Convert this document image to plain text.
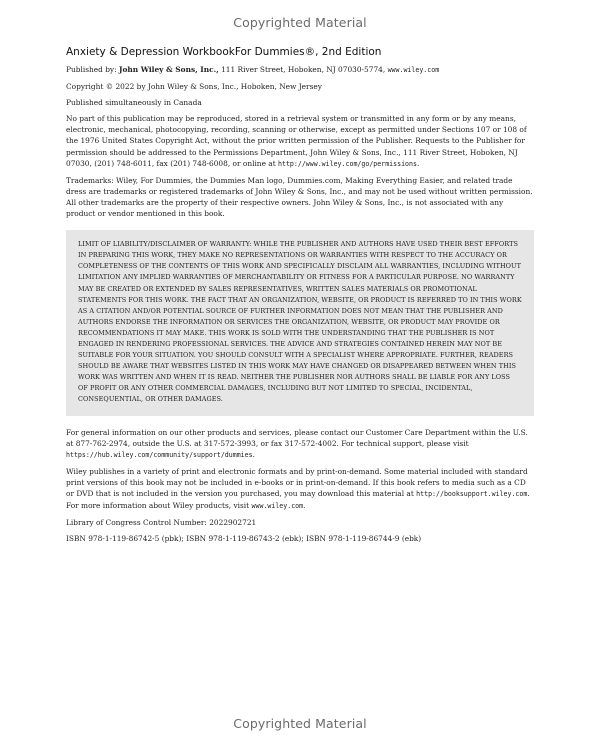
Copyrighted Material
Anxiety & Depression WorkbookFor Dummies®, 2nd Edition

Published by: John Wiley & Sons, Inc., 111 River Street, Hoboken, NJ 07030-5774, www.wiley.com

Copyright © 2022 by John Wiley & Sons, Inc., Hoboken, New Jersey

Published simultaneously in Canada

No part of this publication may be reproduced, stored in a retrieval system or transmitted in any form or by any means, electronic, mechanical, photocopying, recording, scanning or otherwise, except as permitted under Sections 107 or 108 of the 1976 United States Copyright Act, without the prior written permission of the Publisher. Requests to the Publisher for permission should be addressed to the Permissions Department, John Wiley & Sons, Inc., 111 River Street, Hoboken, NJ 07030, (201) 748-6011, fax (201) 748-6008, or online at http://www.wiley.com/go/permissions.

Trademarks: Wiley, For Dummies, the Dummies Man logo, Dummies.com, Making Everything Easier, and related trade dress are trademarks or registered trademarks of John Wiley & Sons, Inc., and may not be used without written permission. All other trademarks are the property of their respective owners. John Wiley & Sons, Inc., is not associated with any product or vendor mentioned in this book.

LIMIT OF LIABILITY/DISCLAIMER OF WARRANTY: WHILE THE PUBLISHER AND AUTHORS HAVE USED THEIR BEST EFFORTS IN PREPARING THIS WORK, THEY MAKE NO REPRESENTATIONS OR WARRANTIES WITH RESPECT TO THE ACCURACY OR COMPLETENESS OF THE CONTENTS OF THIS WORK AND SPECIFICALLY DISCLAIM ALL WARRANTIES, INCLUDING WITHOUT LIMITATION ANY IMPLIED WARRANTIES OF MERCHANTABILITY OR FITNESS FOR A PARTICULAR PURPOSE. NO WARRANTY MAY BE CREATED OR EXTENDED BY SALES REPRESENTATIVES, WRITTEN SALES MATERIALS OR PROMOTIONAL STATEMENTS FOR THIS WORK. THE FACT THAT AN ORGANIZATION, WEBSITE, OR PRODUCT IS REFERRED TO IN THIS WORK AS A CITATION AND/OR POTENTIAL SOURCE OF FURTHER INFORMATION DOES NOT MEAN THAT THE PUBLISHER AND AUTHORS ENDORSE THE INFORMATION OR SERVICES THE ORGANIZATION, WEBSITE, OR PRODUCT MAY PROVIDE OR RECOMMENDATIONS IT MAY MAKE. THIS WORK IS SOLD WITH THE UNDERSTANDING THAT THE PUBLISHER IS NOT ENGAGED IN RENDERING PROFESSIONAL SERVICES. THE ADVICE AND STRATEGIES CONTAINED HEREIN MAY NOT BE SUITABLE FOR YOUR SITUATION. YOU SHOULD CONSULT WITH A SPECIALIST WHERE APPROPRIATE. FURTHER, READERS SHOULD BE AWARE THAT WEBSITES LISTED IN THIS WORK MAY HAVE CHANGED OR DISAPPEARED BETWEEN WHEN THIS WORK WAS WRITTEN AND WHEN IT IS READ. NEITHER THE PUBLISHER NOR AUTHORS SHALL BE LIABLE FOR ANY LOSS OF PROFIT OR ANY OTHER COMMERCIAL DAMAGES, INCLUDING BUT NOT LIMITED TO SPECIAL, INCIDENTAL, CONSEQUENTIAL, OR OTHER DAMAGES.

For general information on our other products and services, please contact our Customer Care Department within the U.S. at 877-762-2974, outside the U.S. at 317-572-3993, or fax 317-572-4002. For technical support, please visit https://hub.wiley.com/community/support/dummies.

Wiley publishes in a variety of print and electronic formats and by print-on-demand. Some material included with standard print versions of this book may not be included in e-books or in print-on-demand. If this book refers to media such as a CD or DVD that is not included in the version you purchased, you may download this material at http://booksupport.wiley.com. For more information about Wiley products, visit www.wiley.com.

Library of Congress Control Number: 2022902721

ISBN 978-1-119-86742-5 (pbk); ISBN 978-1-119-86743-2 (ebk); ISBN 978-1-119-86744-9 (ebk)

Copyrighted Material
